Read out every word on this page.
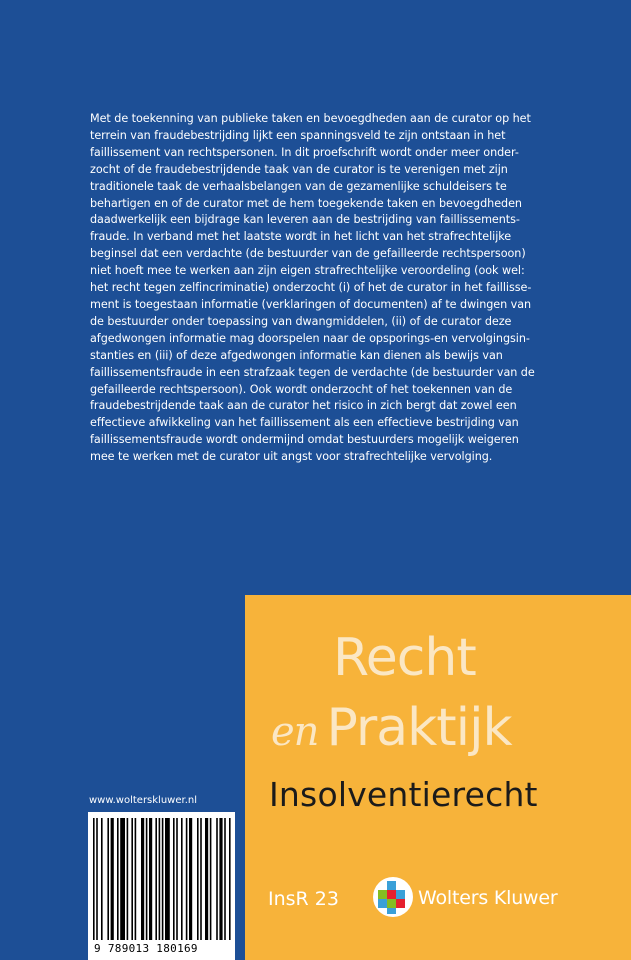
Met de toekenning van publieke taken en bevoegdheden aan de curator op het
terrein van fraudebestrijding lijkt een spanningsveld te zijn ontstaan in het
faillissement van rechtspersonen. In dit proefschrift wordt onder meer onder-
zocht of de fraudebestrijdende taak van de curator is te verenigen met zijn
traditionele taak de verhaalsbelangen van de gezamenlijke schuldeisers te
behartigen en of de curator met de hem toegekende taken en bevoegdheden
daadwerkelijk een bijdrage kan leveren aan de bestrijding van faillissements-
fraude. In verband met het laatste wordt in het licht van het strafrechtelijke
beginsel dat een verdachte (de bestuurder van de gefailleerde rechtspersoon)
niet hoeft mee te werken aan zijn eigen strafrechtelijke veroordeling (ook wel:
het recht tegen zelfincriminatie) onderzocht (i) of het de curator in het faillisse-
ment is toegestaan informatie (verklaringen of documenten) af te dwingen van
de bestuurder onder toepassing van dwangmiddelen, (ii) of de curator deze
afgedwongen informatie mag doorspelen naar de opsporings-en vervolgingsin-
stanties en (iii) of deze afgedwongen informatie kan dienen als bewijs van
faillissementsfraude in een strafzaak tegen de verdachte (de bestuurder van de
gefailleerde rechtspersoon). Ook wordt onderzocht of het toekennen van de
fraudebestrijdende taak aan de curator het risico in zich bergt dat zowel een
effectieve afwikkeling van het faillissement als een effectieve bestrijding van
faillissementsfraude wordt ondermijnd omdat bestuurders mogelijk weigeren
mee te werken met de curator uit angst voor strafrechtelijke vervolging.

Recht
en Praktijk
Insolventierecht
InsR 23	Wolters Kluwer
www.wolterskluwer.nl
9 789013 180169
